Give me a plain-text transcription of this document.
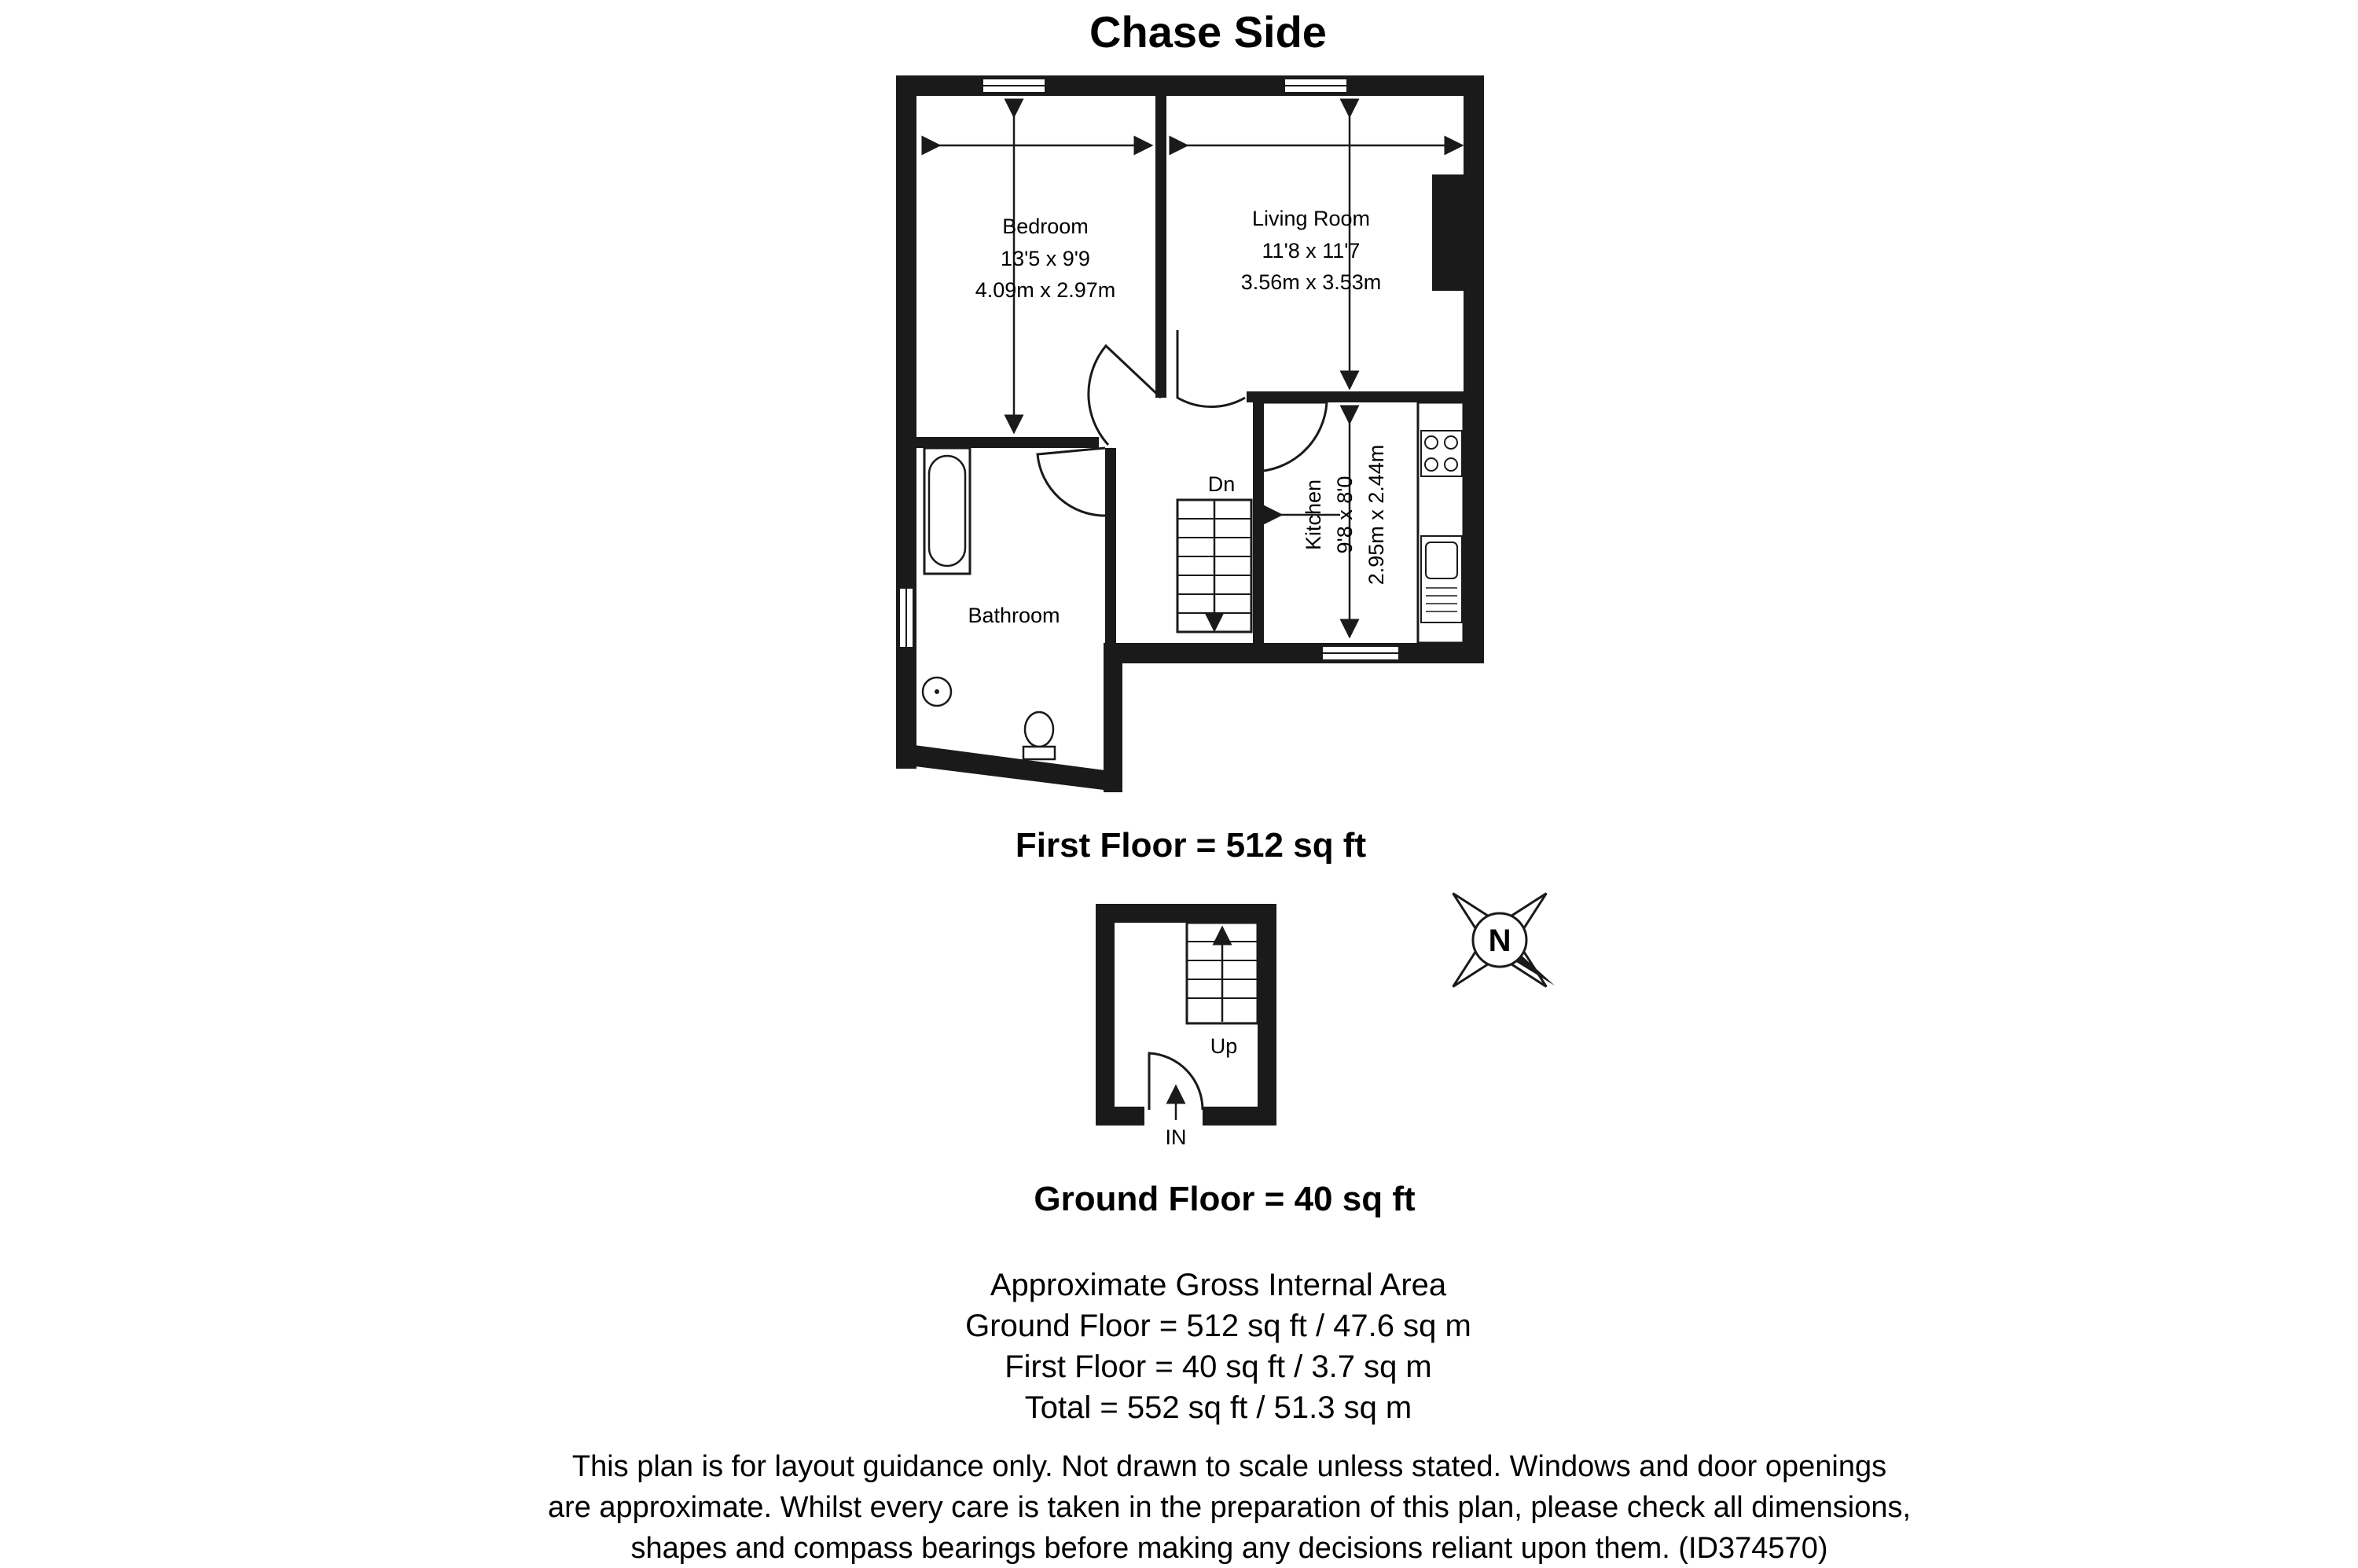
Chase Side
Bedroom
13'5 x 9'9
4.09m x 2.97m
Living Room
11'8 x 11'7
3.56m x 3.53m
Kitchen 9'8 x 8'0 2.95m x 2.44m
Bathroom
Dn
First Floor = 512 sq ft
Up
IN
N
Ground Floor = 40 sq ft
Approximate Gross Internal Area
Ground Floor = 512 sq ft / 47.6 sq m
First Floor = 40 sq ft / 3.7 sq m
Total = 552 sq ft / 51.3 sq m
This plan is for layout guidance only. Not drawn to scale unless stated. Windows and door openings
are approximate. Whilst every care is taken in the preparation of this plan, please check all dimensions,
shapes and compass bearings before making any decisions reliant upon them. (ID374570)
